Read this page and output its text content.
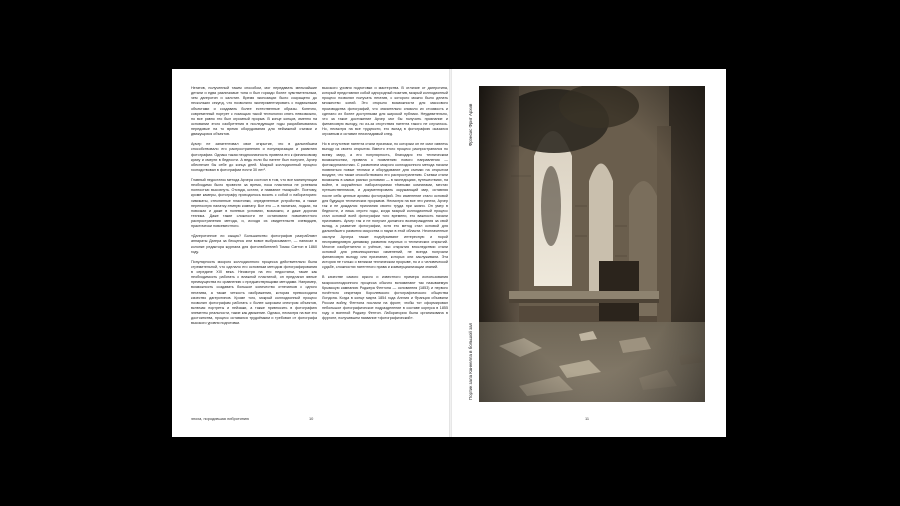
Негатив, полученный таким способом, мог передавать мельчайшие детали и едва различимые тона и был гораздо более чувствительным, чем дагеротип и калотип. Время экспозиции было сокращено до нескольких секунд, что позволило экспериментировать с подвижными объектами и создавать более естественные образы. Конечно, современный портрет с помощью такой технологии снять невозможно, но все равно это был огромный прорыв. В конце концов, именно на основании этого изобретения в последующие годы разрабатывались передовые на то время оборудования для пейзажной съемки и движущихся объектов.

Арчер не запатентовал свое открытие, что в дальнейшем способствовало его распространению и популяризации и развитию фотографии. Однако такая неоднозначность привела его к финансовому краху и смерти в бедности. А ведь если бы патент был получен, Арчер обеспечил бы себе до конца дней. Мокрый коллодионный процесс господствовал в фотографии почти 30 лет¹.

Главный недостаток метода Арчера состоял в том, что все манипуляции необходимо было провести за время, пока пластинка не успевала полностью высохнуть. Отсюда, кстати, и название «мокрый». Поэтому, кроме камеры, фотографу приходилось возить с собой и лабораторию: химикаты, стеклянные пластинки, определенные устройства, а также переносную палатку-темную комнату. Все это — в палатках, лодках, на повозках и даже в полевых условиях, возможно, и даже дорогая техника. Даже такие сложности не остановили повсеместного распространения метода, и, исходя из свидетельств очевидцев, практически повсеместного.

«Дагеротипное ли сыщик? Большинство фотографов разграбляют аппараты Дагера за бесценок или вовсе выбрасывают», — написал в колонке редактора журнала для фотолюбителей Томас Саттон в 1860 году.

Популярность мокрого коллодионного процесса действительно была стремительной, что сделало его основным методом фотографирования в середине XIX века. Несмотря на его недостатки, такие как необходимость работать с влажной пластиной, он предлагал явные преимущества по сравнению с предшествующими методами. Например, возможность создавать большое количество отпечатков с одного негатива, а также четкость изображения, которая превосходила качество дагеротипов. Кроме того, мокрый коллодионный процесс позволил фотографам работать с более широким спектром объектов, включая портреты и пейзажи, а также привносить в фотографию элементы реальности, такие как движение. Однако, несмотря на все его достоинства, процесс оставался трудоёмким и требовал от фотографа высокого уровня подготовки.

высокого уровня подготовки и мастерства. В отличие от дагеротипа, который представлял собой однородный позитив, мокрый коллодионный процесс позволял получать негатив, с которого можно было делать множество копий. Это открыло возможности для массового производства фотографий, что значительно снизило их стоимость и сделало их более доступными для широкой публики. Неудивительно, что за такое достижение Арчер мог бы получить признание и финансовую выгоду, но из-за отсутствия патента такого не случилось. Но, несмотря на все трудности, его вклад в фотографию оказался огромным и оставил неизгладимый след.

Но в отсутствие патента стали признаки, по которым он не смог извлечь выгоду из своего открытия. Вместо этого процесс распространился по всему миру, а его популярность, благодаря его техническим возможностям, привела к появлению нового направления — фотожурналистики. С развитием мокрого коллодионного метода начали появляться новые техники и оборудование для съемки на открытом воздухе, что также способствовало его распространению. Съемки стали возможны в самых разных условиях — в экспедициях, путешествиях, на войне, в окружённых лабораториями тёмными комнатами, местах путешественников, и документировать окружающий мир, оставляя после себя ценные архивы фотографий. Это изменение стало основой для будущих технических прорывов. Несмотря на все эти успехи, Арчер так и не дождался признания своего труда при жизни. Он умер в бедности, и лишь спустя годы, когда мокрый коллодионный процесс стал основой всей фотографии того времени, его важность начали признавать. Арчер так и не получил должного вознаграждения за свой вклад, а развитие фотографии, хотя его метод стал основой для дальнейшего развития искусства и науки в этой области. Неоплаченные заслуги Арчера также подчёркивают интересную и порой несправедливую динамику развития научных и технических открытий. Многие изобретатели и учёные, чьи открытия впоследствии стали основой для революционных изменений, не всегда получали финансовую выгоду или признание, которых они заслуживали. Эта история не только о великом техническом прорыве, но и о человеческой судьбе, сложностях патентного права и коммерциализации знаний.

В качестве самого яркого и известного примера использования мокроколлодионного процесса обычно вспоминают так называемую Крымскую кампанию Роджера Фентона — основателя (1853) и первого почётного секретаря Королевского фотографического общества Лондона. Когда в конце марта 1854 года Англия и Франция объявили России войну, Фентона послали на фронт, чтобы тот сформировал небольшое фотографическое подразделение в составе корпуса в 1855 году и военной Роджер Фентон. Лаборатория была организована в фургоне, получившем название «фотографический».

эпоха, породившая либротипию	10
Фрэнсис Фрит Архив
Портик зала Каннелла в большой зал
11
